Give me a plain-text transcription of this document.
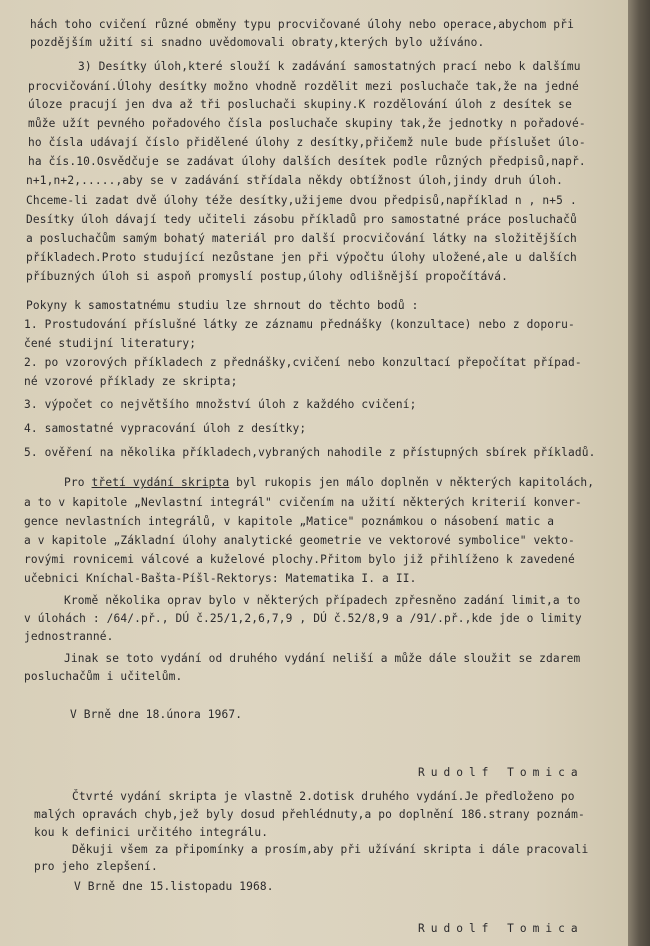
hách toho cvičení různé obměny typu procvičované úlohy nebo operace,abychom při
pozdějším užití si snadno uvědomovali obraty,kterých bylo užíváno.
3) Desítky úloh,které slouží k zadávání samostatných prací nebo k dalšímu
procvičování.Úlohy desítky možno vhodně rozdělit mezi posluchače tak,že na jedné
úloze pracují jen dva až tři posluchači skupiny.K rozdělování úloh z desítek se
může užít pevného pořadového čísla posluchače skupiny tak,že jednotky n pořadové-
ho čísla udávají číslo přidělené úlohy z desítky,přičemž nule bude příslušet úlo-
ha čís.10.Osvědčuje se zadávat úlohy dalších desítek podle různých předpisů,např.
n+1,n+2,.....,aby se v zadávání střídala někdy obtížnost úloh,jindy druh úloh.
Chceme-li zadat dvě úlohy téže desítky,užijeme dvou předpisů,například n , n+5 .
Desítky úloh dávají tedy učiteli zásobu příkladů pro samostatné práce posluchačů
a posluchačům samým bohatý materiál pro další procvičování látky na složitějších
příkladech.Proto studující nezůstane jen při výpočtu úlohy uložené,ale u dalších
příbuzných úloh si aspoň promyslí postup,úlohy odlišnější propočítává.
Pokyny k samostatnému studiu lze shrnout do těchto bodů :
1. Prostudování příslušné látky ze záznamu přednášky (konzultace) nebo z doporu-
čené studijní literatury;
2. po vzorových příkladech z přednášky,cvičení nebo konzultací přepočítat případ-
né vzorové příklady ze skripta;
3. výpočet co největšího množství úloh z každého cvičení;
4. samostatné vypracování úloh z desítky;
5. ověření na několika příkladech,vybraných nahodile z přístupných sbírek příkladů.
Pro třetí vydání skripta byl rukopis jen málo doplněn v některých kapitolách,
a to v kapitole „Nevlastní integrál" cvičením na užití některých kriterií konver-
gence nevlastních integrálů, v kapitole „Matice" poznámkou o násobení matic a
a v kapitole „Základní úlohy analytické geometrie ve vektorové symbolice" vekto-
rovými rovnicemi válcové a kuželové plochy.Přitom bylo již přihlíženo k zavedené
učebnici Kníchal-Bašta-Píšl-Rektorys: Matematika I. a II.
Kromě několika oprav bylo v některých případech zpřesněno zadání limit,a to
v úlohách : /64/.př., DÚ č.25/1,2,6,7,9 , DÚ č.52/8,9 a /91/.př.,kde jde o limity
jednostranné.
Jinak se toto vydání od druhého vydání neliší a může dále sloužit se zdarem
posluchačům i učitelům.
V Brně dne 18.února 1967.
Rudolf Tomica
Čtvrté vydání skripta je vlastně 2.dotisk druhého vydání.Je předloženo po
malých opravách chyb,jež byly dosud přehlédnuty,a po doplnění 186.strany poznám-
kou k definici určitého integrálu.
Děkuji všem za připomínky a prosím,aby při užívání skripta i dále pracovali
pro jeho zlepšení.
V Brně dne 15.listopadu 1968.
Rudolf Tomica
